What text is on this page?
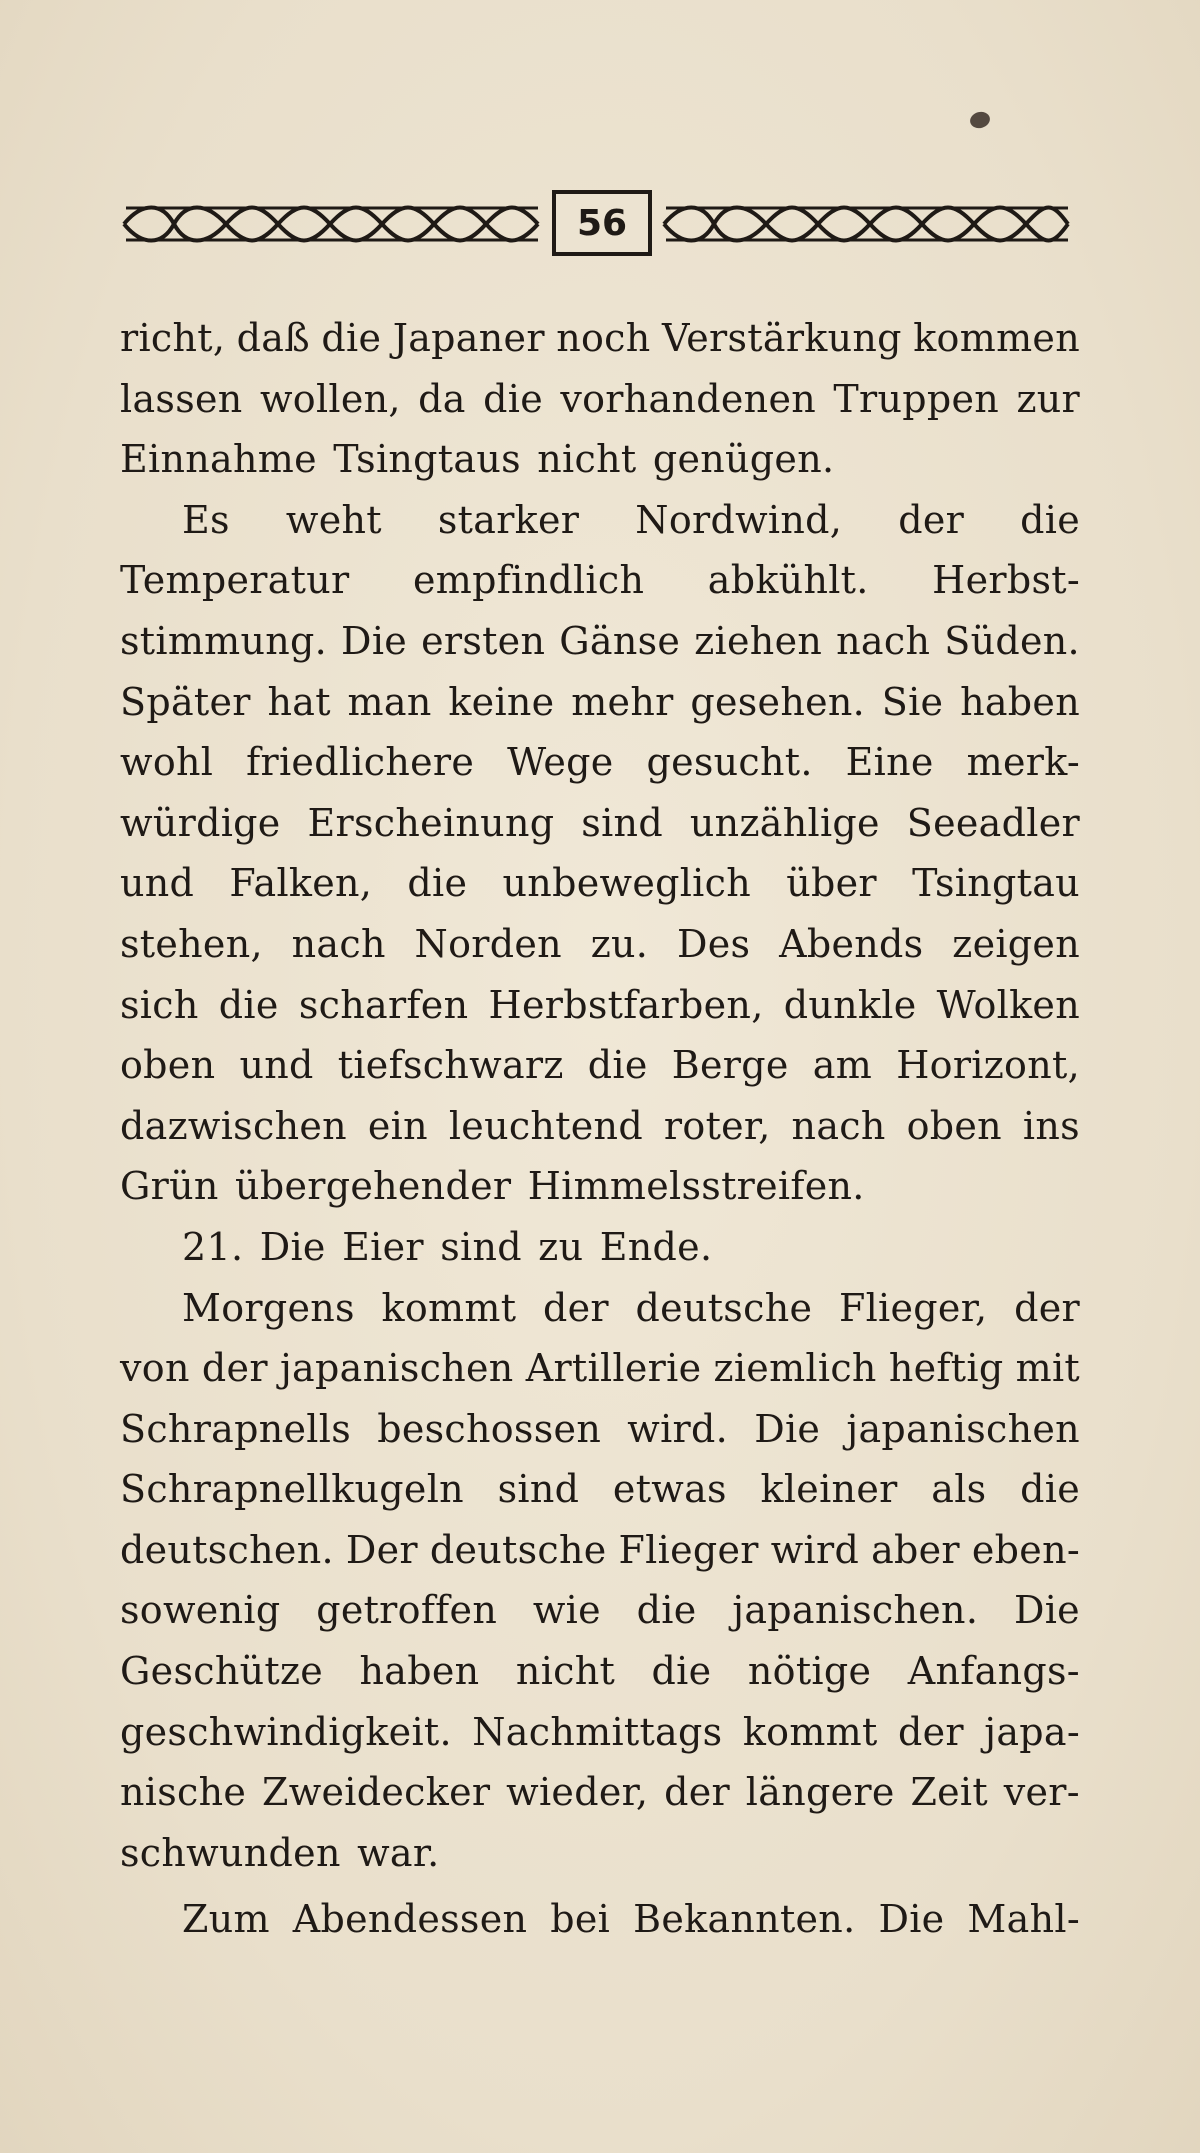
56
richt, daß die Japaner noch Verstärkung kommen
lassen wollen, da die vorhandenen Truppen zur
Einnahme Tsingtaus nicht genügen.
Es weht starker Nordwind, der die
Temperatur empfindlich abkühlt. Herbst-
stimmung. Die ersten Gänse ziehen nach Süden.
Später hat man keine mehr gesehen. Sie haben
wohl friedlichere Wege gesucht. Eine merk-
würdige Erscheinung sind unzählige Seeadler
und Falken, die unbeweglich über Tsingtau
stehen, nach Norden zu. Des Abends zeigen
sich die scharfen Herbstfarben, dunkle Wolken
oben und tiefschwarz die Berge am Horizont,
dazwischen ein leuchtend roter, nach oben ins
Grün übergehender Himmelsstreifen.
21. Die Eier sind zu Ende.
Morgens kommt der deutsche Flieger, der
von der japanischen Artillerie ziemlich heftig mit
Schrapnells beschossen wird. Die japanischen
Schrapnellkugeln sind etwas kleiner als die
deutschen. Der deutsche Flieger wird aber eben-
sowenig getroffen wie die japanischen. Die
Geschütze haben nicht die nötige Anfangs-
geschwindigkeit. Nachmittags kommt der japa-
nische Zweidecker wieder, der längere Zeit ver-
schwunden war.
Zum Abendessen bei Bekannten. Die Mahl-
